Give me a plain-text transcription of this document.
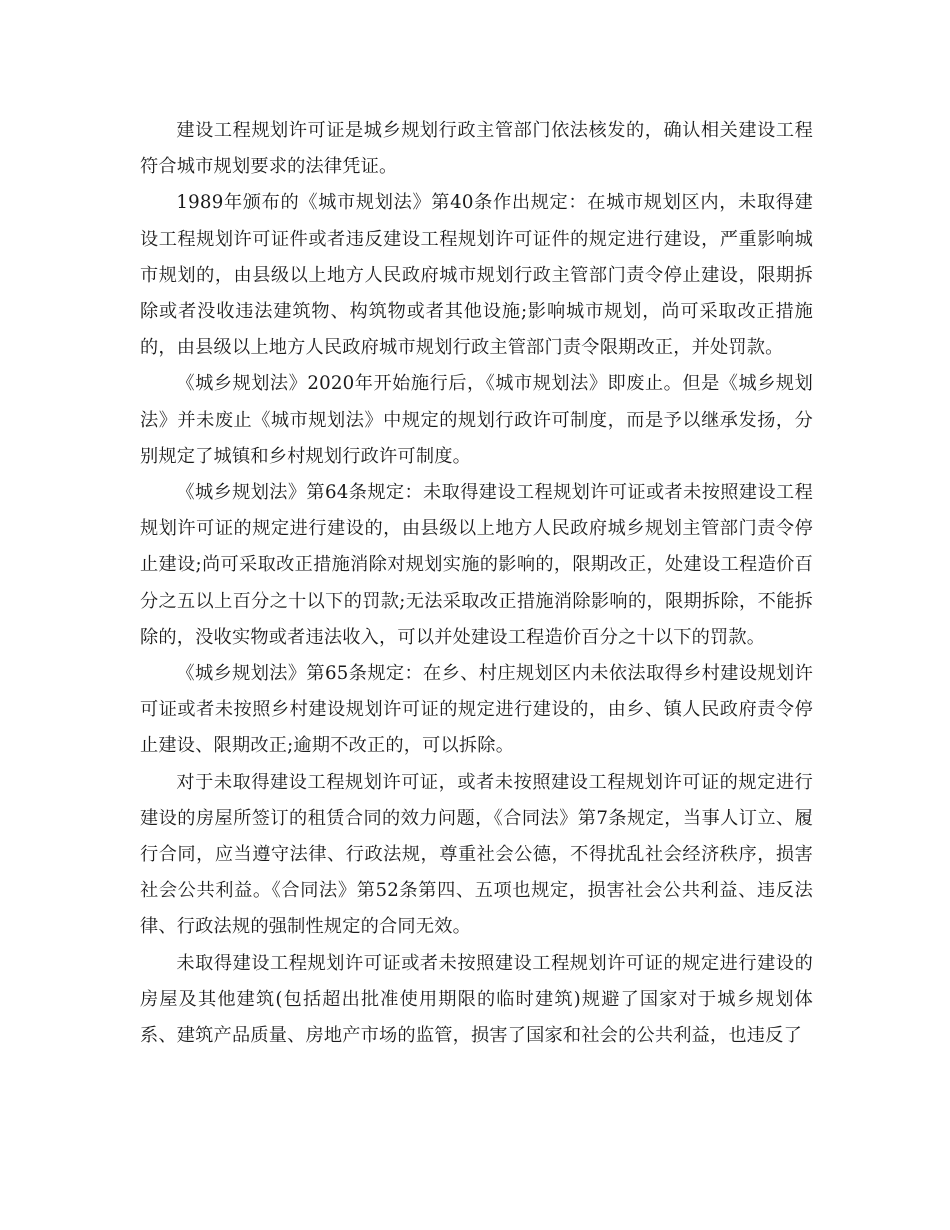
建设工程规划许可证是城乡规划行政主管部门依法核发的，确认相关建设工程符合城市规划要求的法律凭证。

1989年颁布的《城市规划法》第40条作出规定：在城市规划区内，未取得建设工程规划许可证件或者违反建设工程规划许可证件的规定进行建设，严重影响城市规划的，由县级以上地方人民政府城市规划行政主管部门责令停止建设，限期拆除或者没收违法建筑物、构筑物或者其他设施;影响城市规划，尚可采取改正措施的，由县级以上地方人民政府城市规划行政主管部门责令限期改正，并处罚款。

《城乡规划法》2020年开始施行后，《城市规划法》即废止。但是《城乡规划法》并未废止《城市规划法》中规定的规划行政许可制度，而是予以继承发扬，分别规定了城镇和乡村规划行政许可制度。

《城乡规划法》第64条规定：未取得建设工程规划许可证或者未按照建设工程规划许可证的规定进行建设的，由县级以上地方人民政府城乡规划主管部门责令停止建设;尚可采取改正措施消除对规划实施的影响的，限期改正，处建设工程造价百分之五以上百分之十以下的罚款;无法采取改正措施消除影响的，限期拆除，不能拆除的，没收实物或者违法收入，可以并处建设工程造价百分之十以下的罚款。

《城乡规划法》第65条规定：在乡、村庄规划区内未依法取得乡村建设规划许可证或者未按照乡村建设规划许可证的规定进行建设的，由乡、镇人民政府责令停止建设、限期改正;逾期不改正的，可以拆除。

对于未取得建设工程规划许可证，或者未按照建设工程规划许可证的规定进行建设的房屋所签订的租赁合同的效力问题，《合同法》第7条规定，当事人订立、履行合同，应当遵守法律、行政法规，尊重社会公德，不得扰乱社会经济秩序，损害社会公共利益。《合同法》第52条第四、五项也规定，损害社会公共利益、违反法律、行政法规的强制性规定的合同无效。

未取得建设工程规划许可证或者未按照建设工程规划许可证的规定进行建设的房屋及其他建筑(包括超出批准使用期限的临时建筑)规避了国家对于城乡规划体系、建筑产品质量、房地产市场的监管，损害了国家和社会的公共利益，也违反了
